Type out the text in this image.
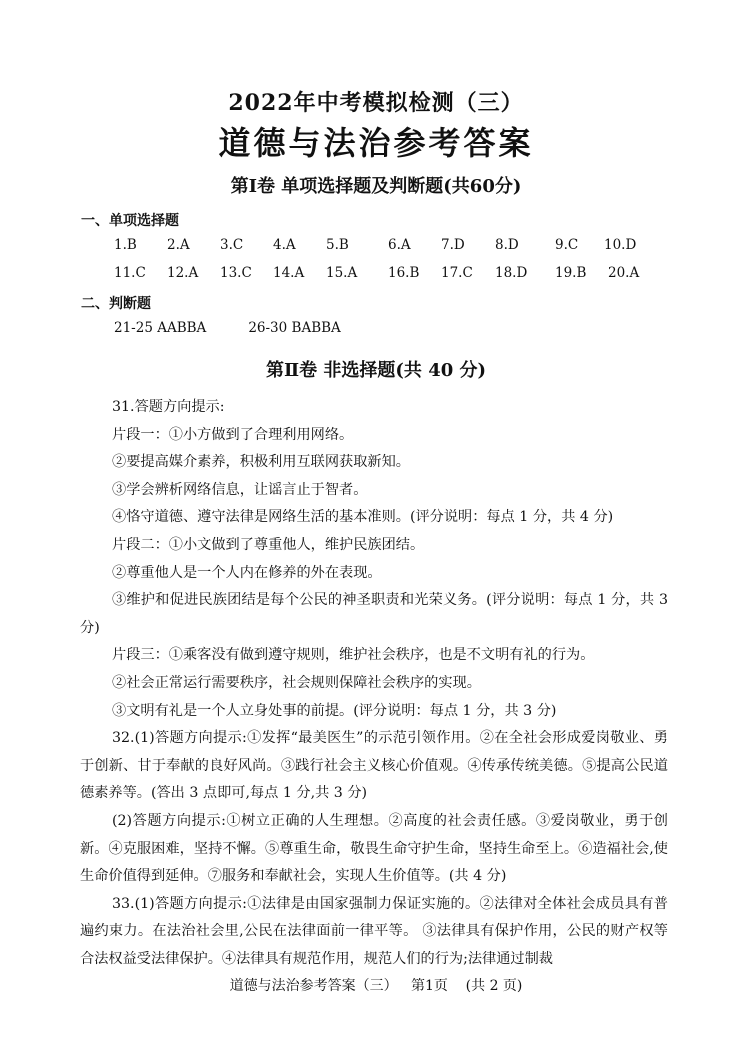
2022年中考模拟检测（三）
道德与法治参考答案
第Ⅰ卷 单项选择题及判断题(共60分)
一、单项选择题
1.B 2.A 3.C 4.A 5.B	6.A 7.D 8.D	9.C 10.D
11.C 12.A 13.C 14.A 15.A 16.B 17.C 18.D 19.B 20.A
二、判断题
21-25 AABBA	26-30 BABBA
第Ⅱ卷 非选择题(共 40 分)

31.答题方向提示:

片段一：①小方做到了合理利用网络。

②要提高媒介素养，积极利用互联网获取新知。

③学会辨析网络信息，让谣言止于智者。

④恪守道德、遵守法律是网络生活的基本准则。(评分说明：每点 1 分，共 4 分)

片段二：①小文做到了尊重他人，维护民族团结。

②尊重他人是一个人内在修养的外在表现。

③维护和促进民族团结是每个公民的神圣职责和光荣义务。(评分说明：每点 1 分，共 3 分)

片段三：①乘客没有做到遵守规则，维护社会秩序，也是不文明有礼的行为。

②社会正常运行需要秩序，社会规则保障社会秩序的实现。

③文明有礼是一个人立身处事的前提。(评分说明：每点 1 分，共 3 分)

32.(1)答题方向提示:①发挥“最美医生”的示范引领作用。②在全社会形成爱岗敬业、勇于创新、甘于奉献的良好风尚。③践行社会主义核心价值观。④传承传统美德。⑤提高公民道德素养等。(答出 3 点即可,每点 1 分,共 3 分)

(2)答题方向提示:①树立正确的人生理想。②高度的社会责任感。③爱岗敬业，勇于创新。④克服困难，坚持不懈。⑤尊重生命，敬畏生命守护生命，坚持生命至上。⑥造福社会,使生命价值得到延伸。⑦服务和奉献社会，实现人生价值等。(共 4 分)

33.(1)答题方向提示:①法律是由国家强制力保证实施的。②法律对全体社会成员具有普遍约束力。在法治社会里,公民在法律面前一律平等。 ③法律具有保护作用，公民的财产权等合法权益受法律保护。④法律具有规范作用，规范人们的行为;法律通过制裁

道德与法治参考答案（三）   第1页    (共 2 页)
